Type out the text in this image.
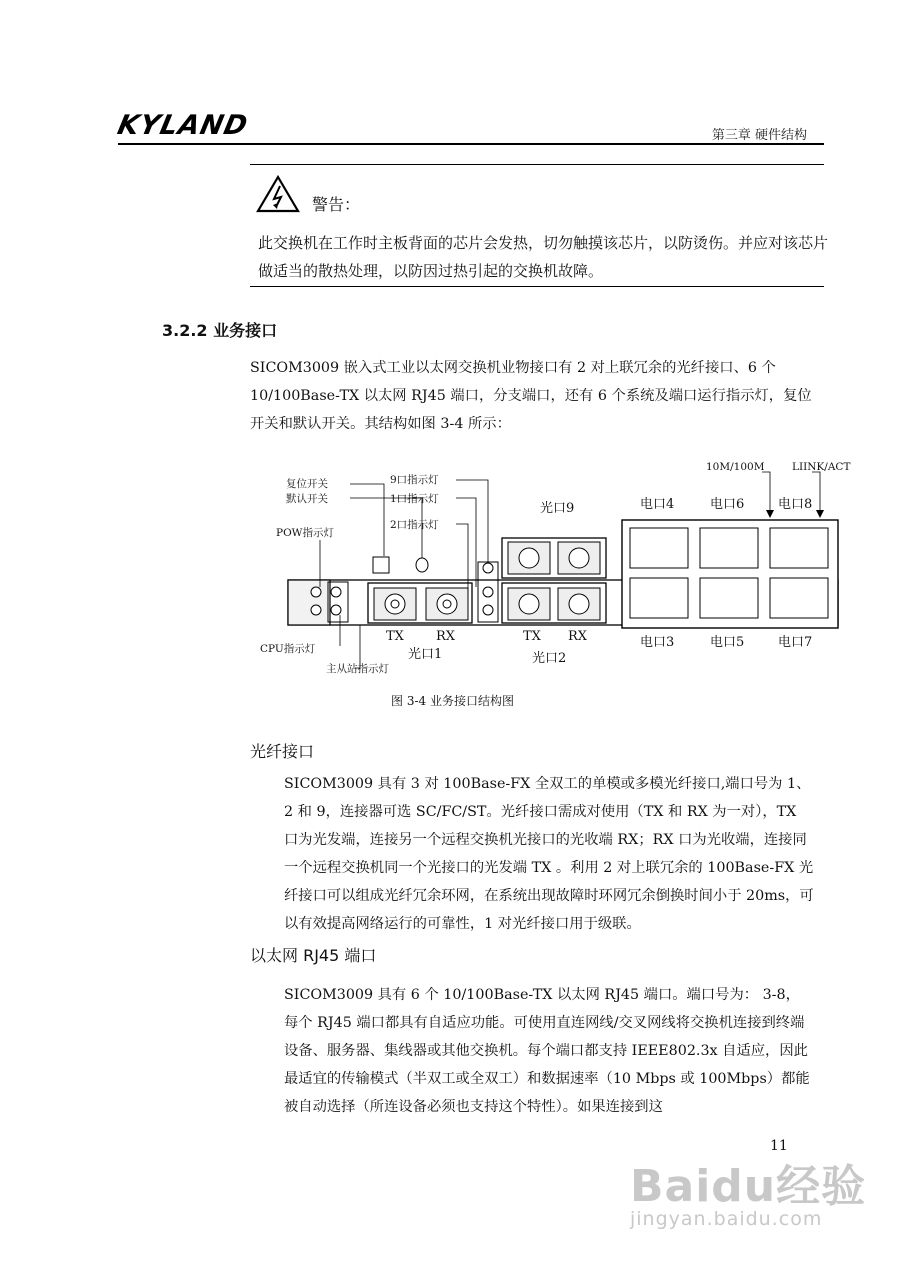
KYLAND	第三章 硬件结构
警告：
此交换机在工作时主板背面的芯片会发热，切勿触摸该芯片，以防烫伤。并应对该芯片做适当的散热处理，以防因过热引起的交换机故障。
3.2.2 业务接口
SICOM3009 嵌入式工业以太网交换机业物接口有 2 对上联冗余的光纤接口、6 个 10/100Base-TX 以太网 RJ45 端口，分支端口，还有 6 个系统及端口运行指示灯，复位开关和默认开关。其结构如图 3-4 所示：
复位开关
默认开关
POW指示灯
CPU指示灯
主从站指示灯
9口指示灯
1口指示灯
2口指示灯
光口9
TX RX
光口1
TX RX
光口2
10M/100M	LIINK/ACT
电口4	电口6	电口8
电口3	电口5	电口7
图 3-4 业务接口结构图
光纤接口
SICOM3009 具有 3 对 100Base-FX 全双工的单模或多模光纤接口,端口号为 1、2 和 9，连接器可选 SC/FC/ST。光纤接口需成对使用（TX 和 RX 为一对），TX 口为光发端，连接另一个远程交换机光接口的光收端 RX；RX 口为光收端，连接同一个远程交换机同一个光接口的光发端 TX 。利用 2 对上联冗余的 100Base-FX 光纤接口可以组成光纤冗余环网，在系统出现故障时环网冗余倒换时间小于 20ms，可以有效提高网络运行的可靠性，1 对光纤接口用于级联。
以太网 RJ45 端口
SICOM3009 具有 6 个 10/100Base-TX 以太网 RJ45 端口。端口号为： 3-8，每个 RJ45 端口都具有自适应功能。可使用直连网线/交叉网线将交换机连接到终端设备、服务器、集线器或其他交换机。每个端口都支持 IEEE802.3x 自适应，因此最适宜的传输模式（半双工或全双工）和数据速率（10 Mbps 或 100Mbps）都能被自动选择（所连设备必须也支持这个特性）。如果连接到这
11
Baidu经验
jingyan.baidu.com
